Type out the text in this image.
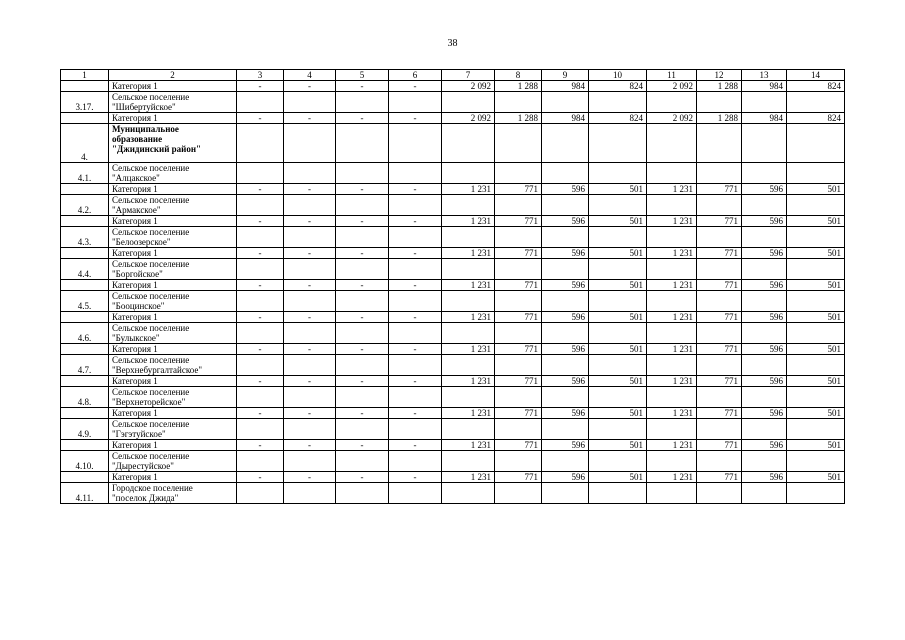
38
1	2	3	4	5	6	7	8	9	10	11	12	13	14
	Категория 1	-	-	-	-	2 092	1 288	984	824	2 092	1 288	984	824
3.17.	Сельское поселение
"Шибертуйское"												
	Категория 1	-	-	-	-	2 092	1 288	984	824	2 092	1 288	984	824
4.	Муниципальное
образование
"Джидинский район"												
4.1.	Сельское поселение
"Алцакское"												
	Категория 1	-	-	-	-	1 231	771	596	501	1 231	771	596	501
4.2.	Сельское поселение
"Армакское"												
	Категория 1	-	-	-	-	1 231	771	596	501	1 231	771	596	501
4.3.	Сельское поселение
"Белоозерское"												
	Категория 1	-	-	-	-	1 231	771	596	501	1 231	771	596	501
4.4.	Сельское поселение
"Боргойское"												
	Категория 1	-	-	-	-	1 231	771	596	501	1 231	771	596	501
4.5.	Сельское поселение
"Бооцинское"												
	Категория 1	-	-	-	-	1 231	771	596	501	1 231	771	596	501
4.6.	Сельское поселение
"Булыкское"												
	Категория 1	-	-	-	-	1 231	771	596	501	1 231	771	596	501
4.7.	Сельское поселение
"Верхнебургалтайское"												
	Категория 1	-	-	-	-	1 231	771	596	501	1 231	771	596	501
4.8.	Сельское поселение
"Верхнеторейское"												
	Категория 1	-	-	-	-	1 231	771	596	501	1 231	771	596	501
4.9.	Сельское поселение
"Гэгэтуйское"												
	Категория 1	-	-	-	-	1 231	771	596	501	1 231	771	596	501
4.10.	Сельское поселение
"Дырестуйское"												
	Категория 1	-	-	-	-	1 231	771	596	501	1 231	771	596	501
4.11.	Городское поселение
"поселок Джида"												
